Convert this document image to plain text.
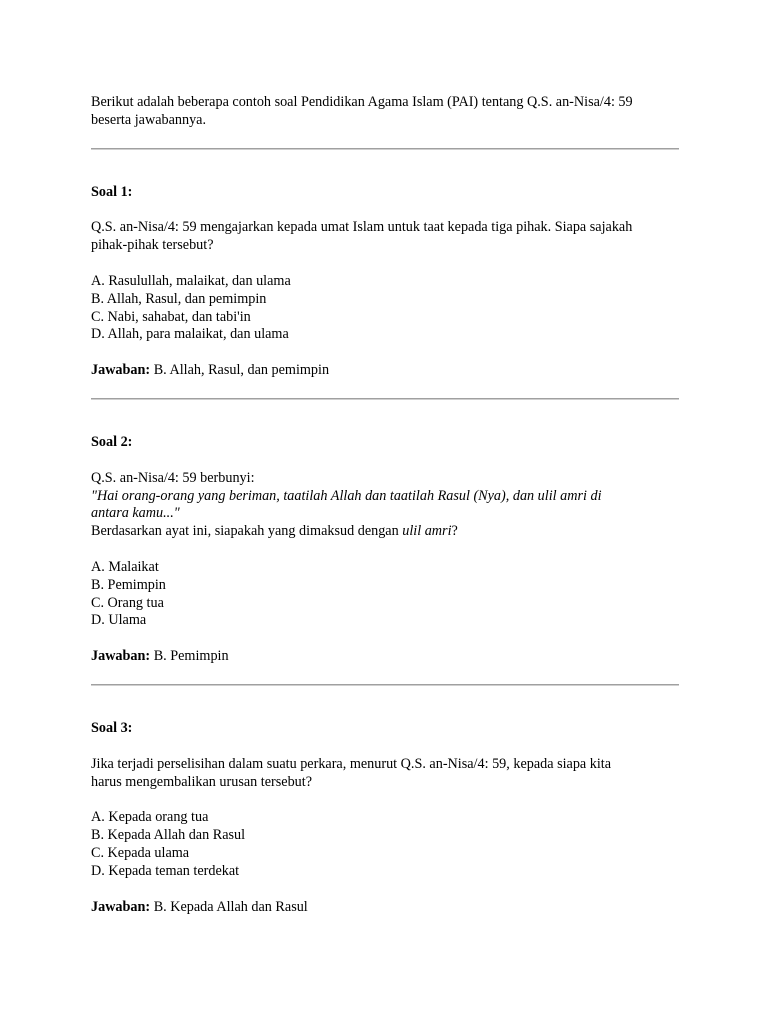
Berikut adalah beberapa contoh soal Pendidikan Agama Islam (PAI) tentang Q.S. an-Nisa/4: 59
beserta jawabannya.

Soal 1:

Q.S. an-Nisa/4: 59 mengajarkan kepada umat Islam untuk taat kepada tiga pihak. Siapa sajakah
pihak-pihak tersebut?

A. Rasulullah, malaikat, dan ulama
B. Allah, Rasul, dan pemimpin
C. Nabi, sahabat, dan tabi'in
D. Allah, para malaikat, dan ulama

Jawaban: B. Allah, Rasul, dan pemimpin

Soal 2:

Q.S. an-Nisa/4: 59 berbunyi:
"Hai orang-orang yang beriman, taatilah Allah dan taatilah Rasul (Nya), dan ulil amri di
antara kamu..."
Berdasarkan ayat ini, siapakah yang dimaksud dengan ulil amri?

A. Malaikat
B. Pemimpin
C. Orang tua
D. Ulama

Jawaban: B. Pemimpin

Soal 3:

Jika terjadi perselisihan dalam suatu perkara, menurut Q.S. an-Nisa/4: 59, kepada siapa kita
harus mengembalikan urusan tersebut?

A. Kepada orang tua
B. Kepada Allah dan Rasul
C. Kepada ulama
D. Kepada teman terdekat

Jawaban: B. Kepada Allah dan Rasul
